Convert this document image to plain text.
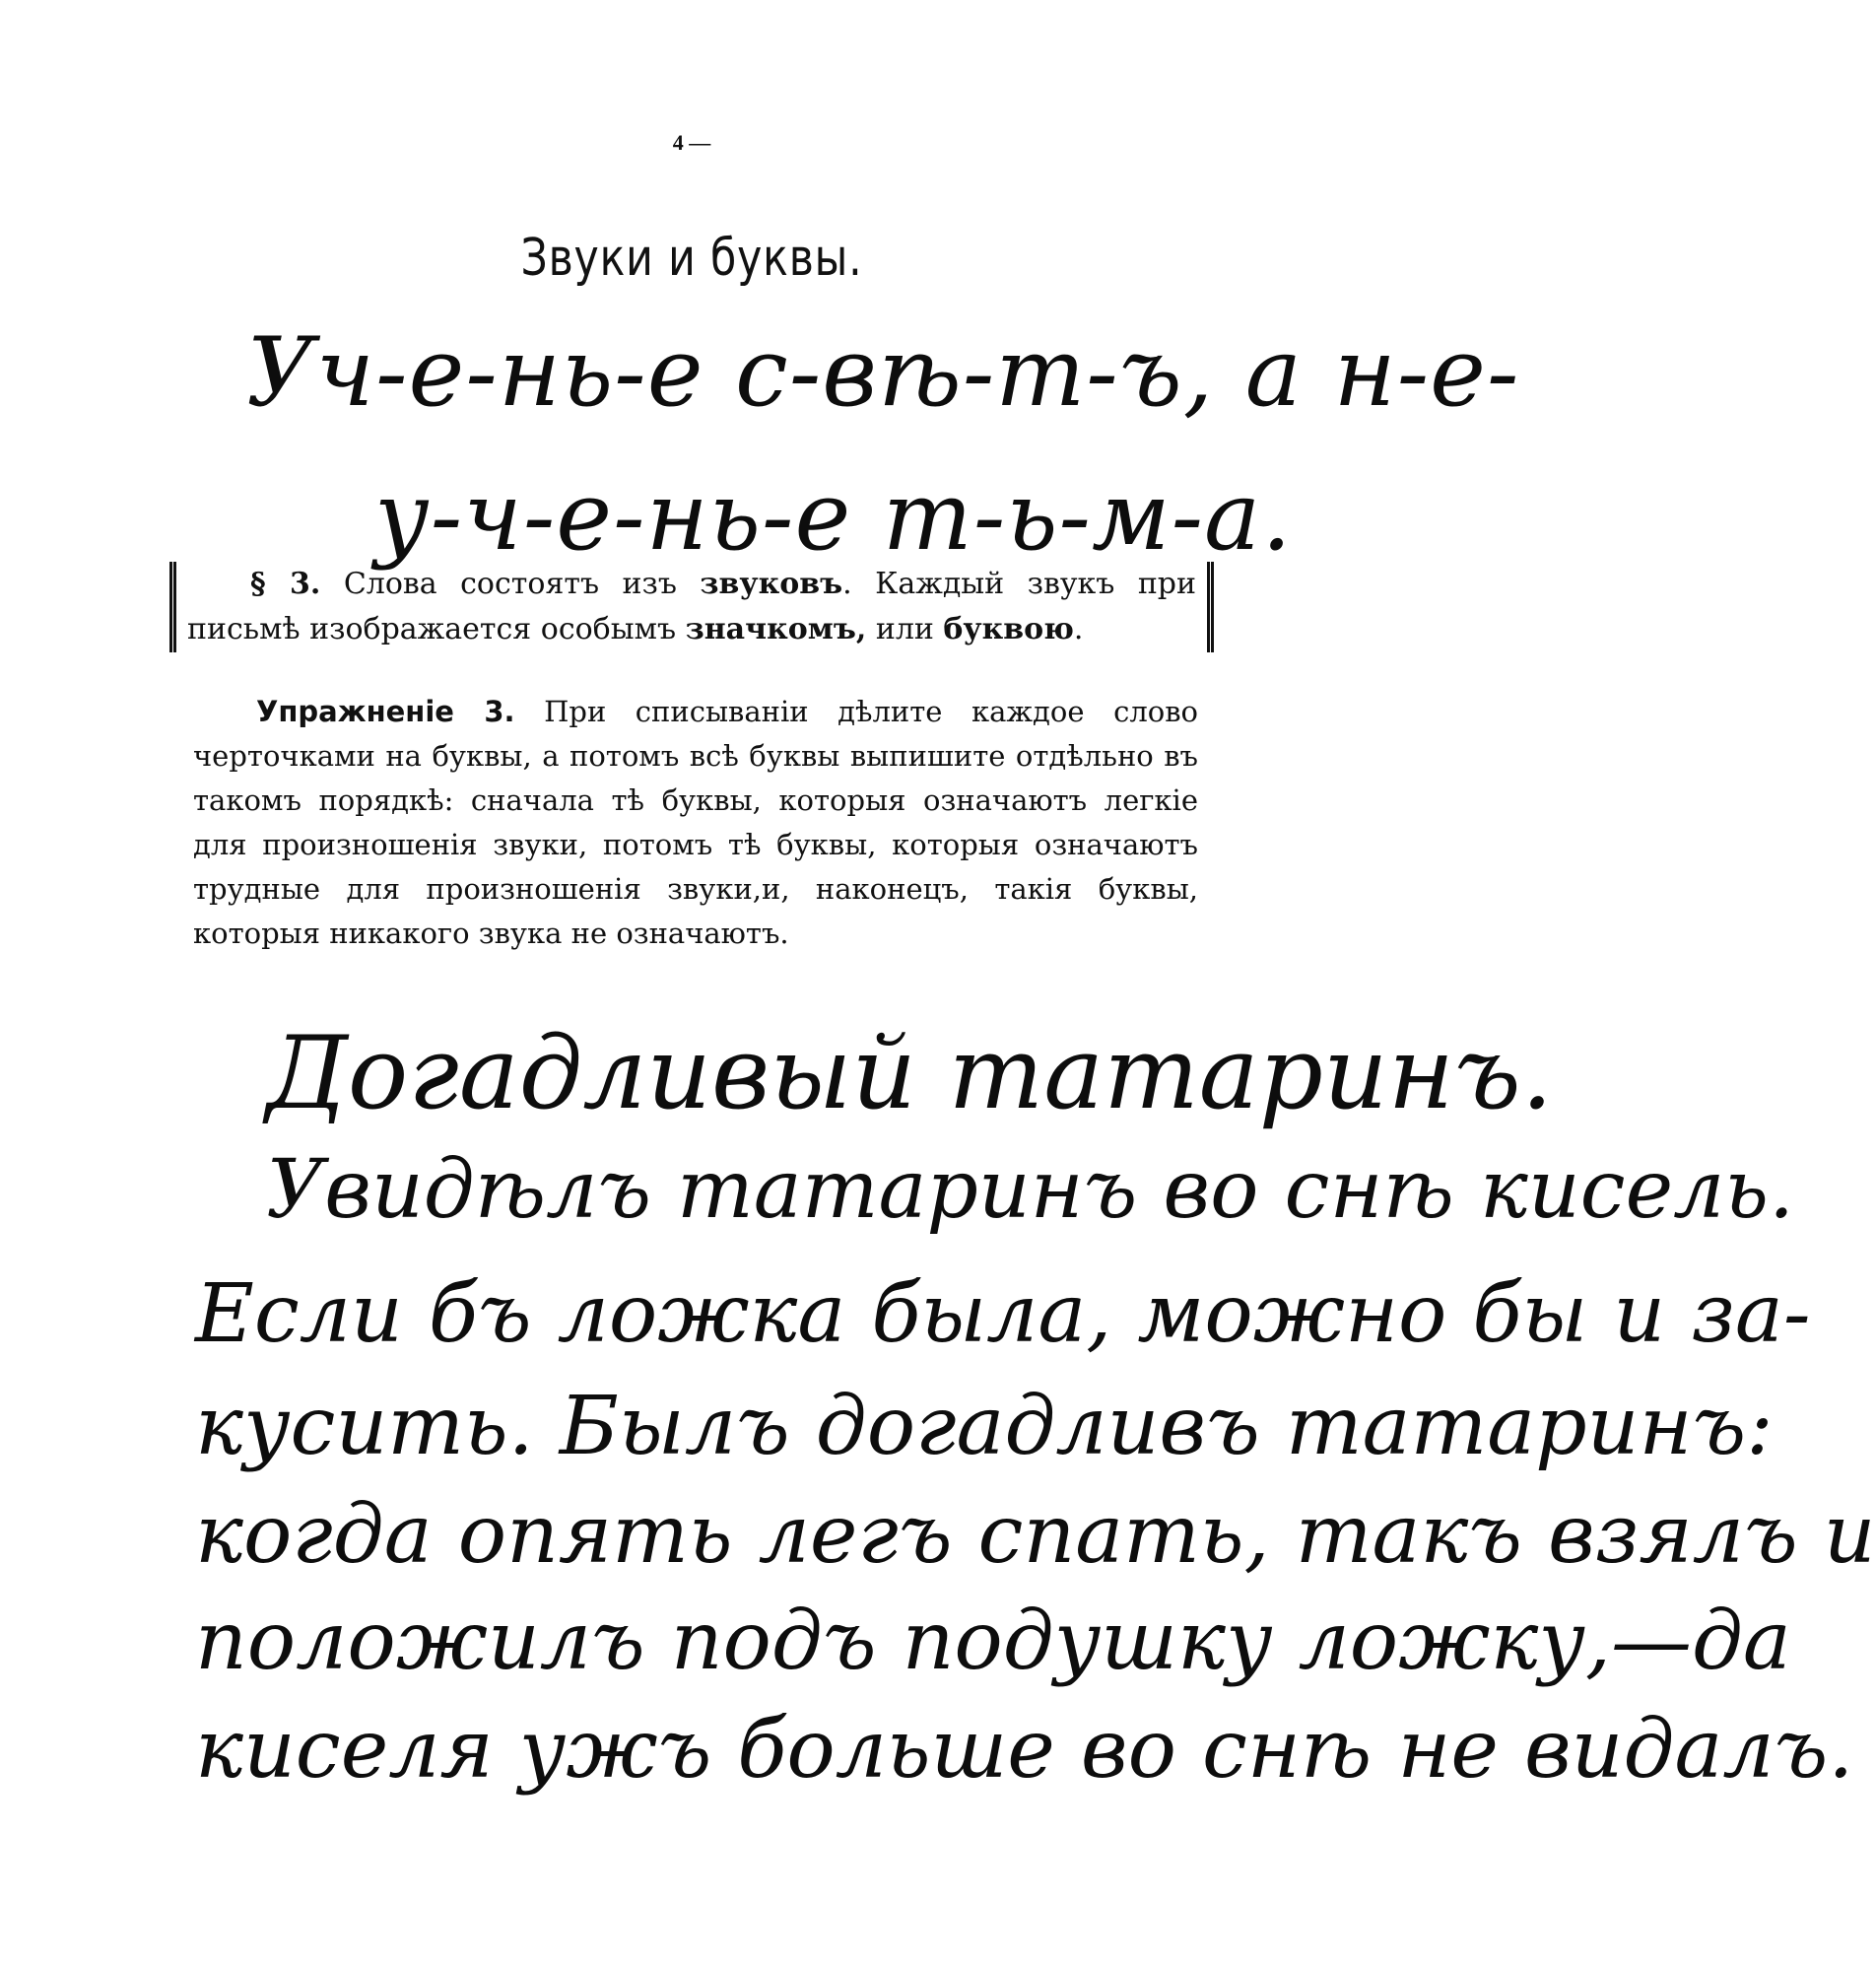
4 —
Звуки и буквы.
Уч-е-нь-е с-вѣ-т-ъ, а н-е-
у-ч-е-нь-е т-ь-м-а.
§ 3. Слова состоятъ изъ звуковъ. Каждый звукъ при
письмѣ изображается особымъ значкомъ, или буквою.
Упражненіе 3. При списываніи дѣлите каждое слово черточками на буквы, а потомъ всѣ буквы выпишите отдѣльно въ такомъ порядкѣ: сначала тѣ буквы, которыя означаютъ легкіе для произношенія звуки, потомъ тѣ буквы, которыя означаютъ трудные для произношенія звуки,и, наконецъ, такія буквы, которыя никакого звука не означаютъ.
Догадливый татаринъ.
Увидѣлъ татаринъ во снѣ кисель.
Если бъ ложка была, можно бы и за-
кусить. Былъ догадливъ татаринъ:
когда опять легъ спать, такъ взялъ и
положилъ подъ подушку ложку,—да
киселя ужъ больше во снѣ не видалъ.
